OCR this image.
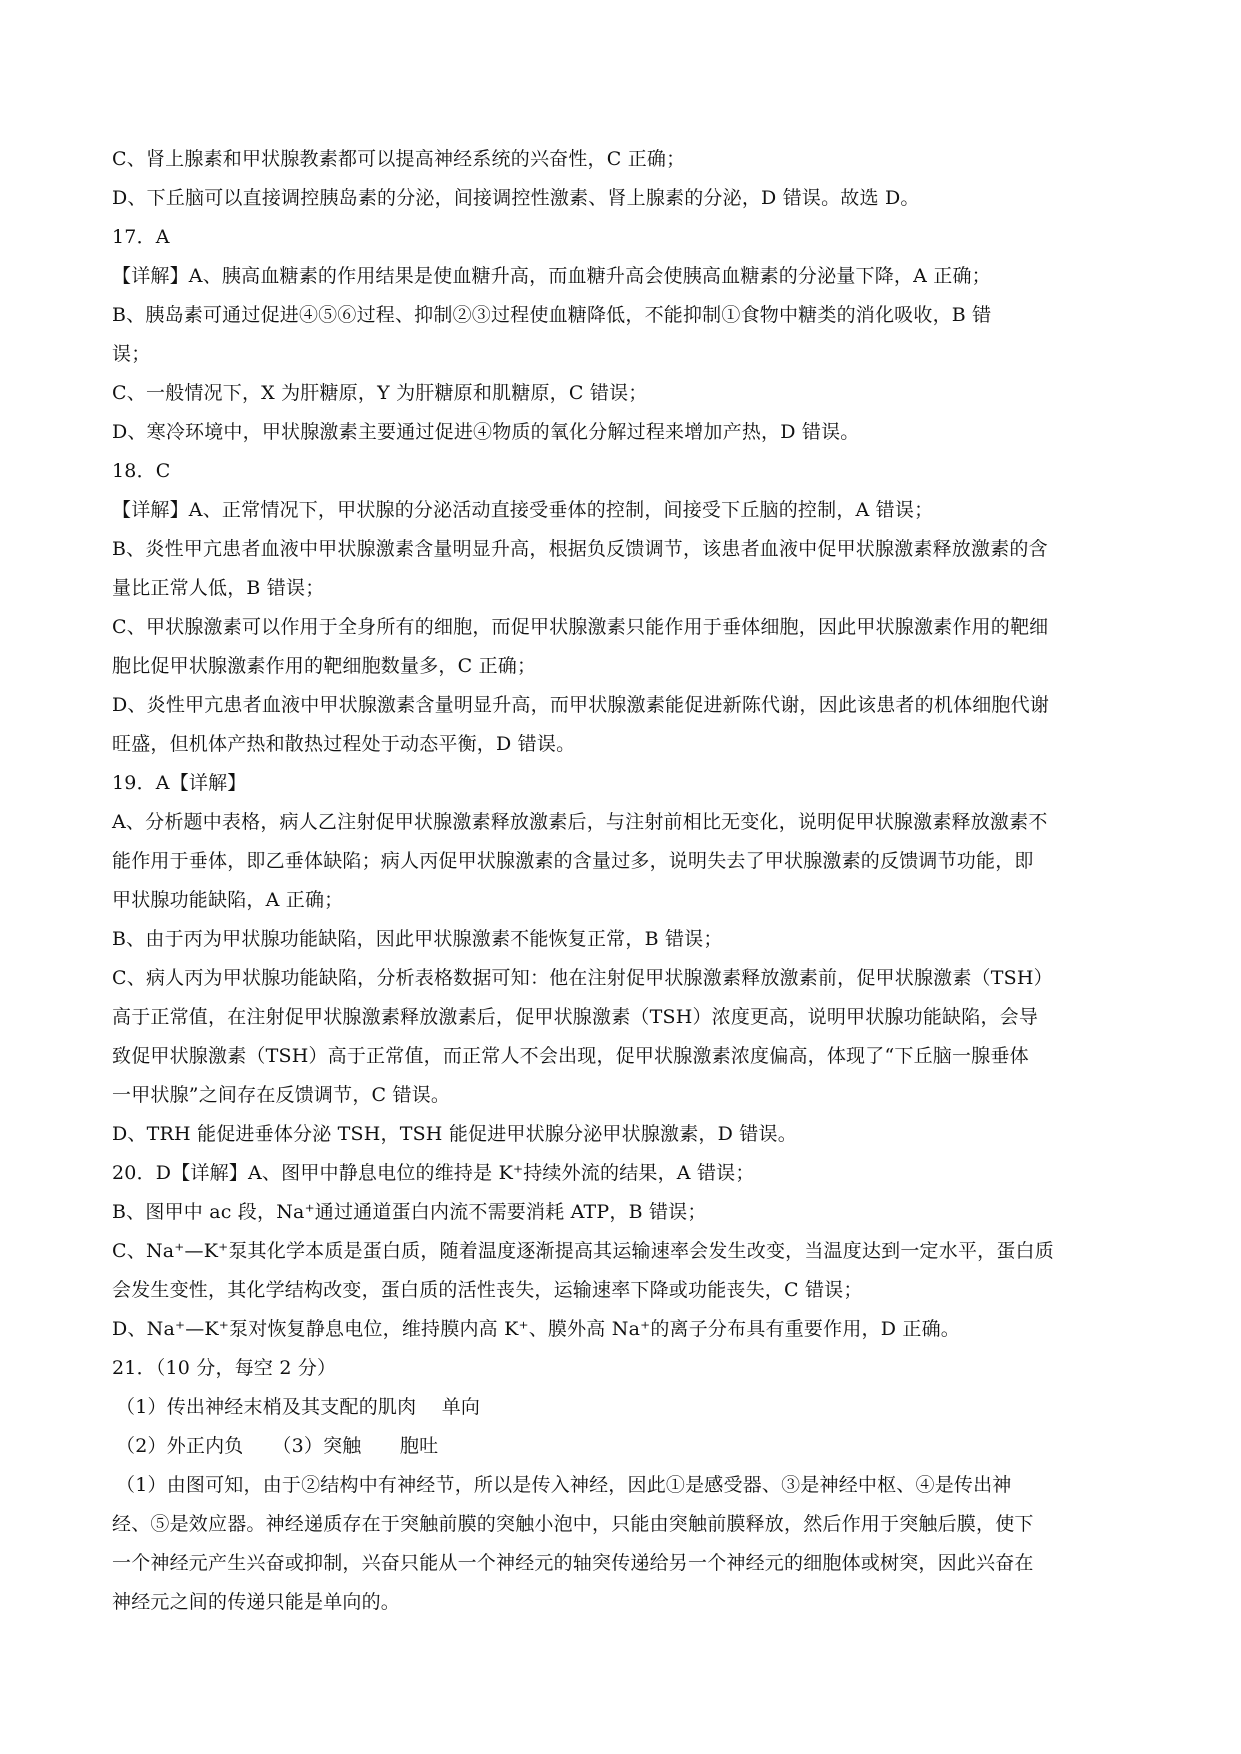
C、肾上腺素和甲状腺教素都可以提高神经系统的兴奋性，C 正确；
D、下丘脑可以直接调控胰岛素的分泌，间接调控性激素、肾上腺素的分泌，D 错误。故选 D。
17．A
【详解】A、胰高血糖素的作用结果是使血糖升高，而血糖升高会使胰高血糖素的分泌量下降，A 正确；
B、胰岛素可通过促进④⑤⑥过程、抑制②③过程使血糖降低，不能抑制①食物中糖类的消化吸收，B 错
误；
C、一般情况下，X 为肝糖原，Y 为肝糖原和肌糖原，C 错误；
D、寒冷环境中，甲状腺激素主要通过促进④物质的氧化分解过程来增加产热，D 错误。
18．C
【详解】A、正常情况下，甲状腺的分泌活动直接受垂体的控制，间接受下丘脑的控制，A 错误；
B、炎性甲亢患者血液中甲状腺激素含量明显升高，根据负反馈调节，该患者血液中促甲状腺激素释放激素的含
量比正常人低，B 错误；
C、甲状腺激素可以作用于全身所有的细胞，而促甲状腺激素只能作用于垂体细胞，因此甲状腺激素作用的靶细
胞比促甲状腺激素作用的靶细胞数量多，C 正确；
D、炎性甲亢患者血液中甲状腺激素含量明显升高，而甲状腺激素能促进新陈代谢，因此该患者的机体细胞代谢
旺盛，但机体产热和散热过程处于动态平衡，D 错误。
19．A【详解】
A、分析题中表格，病人乙注射促甲状腺激素释放激素后，与注射前相比无变化，说明促甲状腺激素释放激素不
能作用于垂体，即乙垂体缺陷；病人丙促甲状腺激素的含量过多，说明失去了甲状腺激素的反馈调节功能，即
甲状腺功能缺陷，A 正确；
B、由于丙为甲状腺功能缺陷，因此甲状腺激素不能恢复正常，B 错误；
C、病人丙为甲状腺功能缺陷，分析表格数据可知：他在注射促甲状腺激素释放激素前，促甲状腺激素（TSH）
高于正常值，在注射促甲状腺激素释放激素后，促甲状腺激素（TSH）浓度更高，说明甲状腺功能缺陷，会导
致促甲状腺激素（TSH）高于正常值，而正常人不会出现，促甲状腺激素浓度偏高，体现了“下丘脑一腺垂体
一甲状腺”之间存在反馈调节，C 错误。
D、TRH 能促进垂体分泌 TSH，TSH 能促进甲状腺分泌甲状腺激素，D 错误。
20．D【详解】A、图甲中静息电位的维持是 K⁺持续外流的结果，A 错误；
B、图甲中 ac 段，Na⁺通过通道蛋白内流不需要消耗 ATP，B 错误；
C、Na⁺—K⁺泵其化学本质是蛋白质，随着温度逐渐提高其运输速率会发生改变，当温度达到一定水平，蛋白质
会发生变性，其化学结构改变，蛋白质的活性丧失，运输速率下降或功能丧失，C 错误；
D、Na⁺—K⁺泵对恢复静息电位，维持膜内高 K⁺、膜外高 Na⁺的离子分布具有重要作用，D 正确。
21．（10 分，每空 2 分）
（1）传出神经末梢及其支配的肌肉　 单向
（2）外正内负　　（3）突触　　胞吐
（1）由图可知，由于②结构中有神经节，所以是传入神经，因此①是感受器、③是神经中枢、④是传出神
经、⑤是效应器。神经递质存在于突触前膜的突触小泡中，只能由突触前膜释放，然后作用于突触后膜，使下
一个神经元产生兴奋或抑制，兴奋只能从一个神经元的轴突传递给另一个神经元的细胞体或树突，因此兴奋在
神经元之间的传递只能是单向的。
